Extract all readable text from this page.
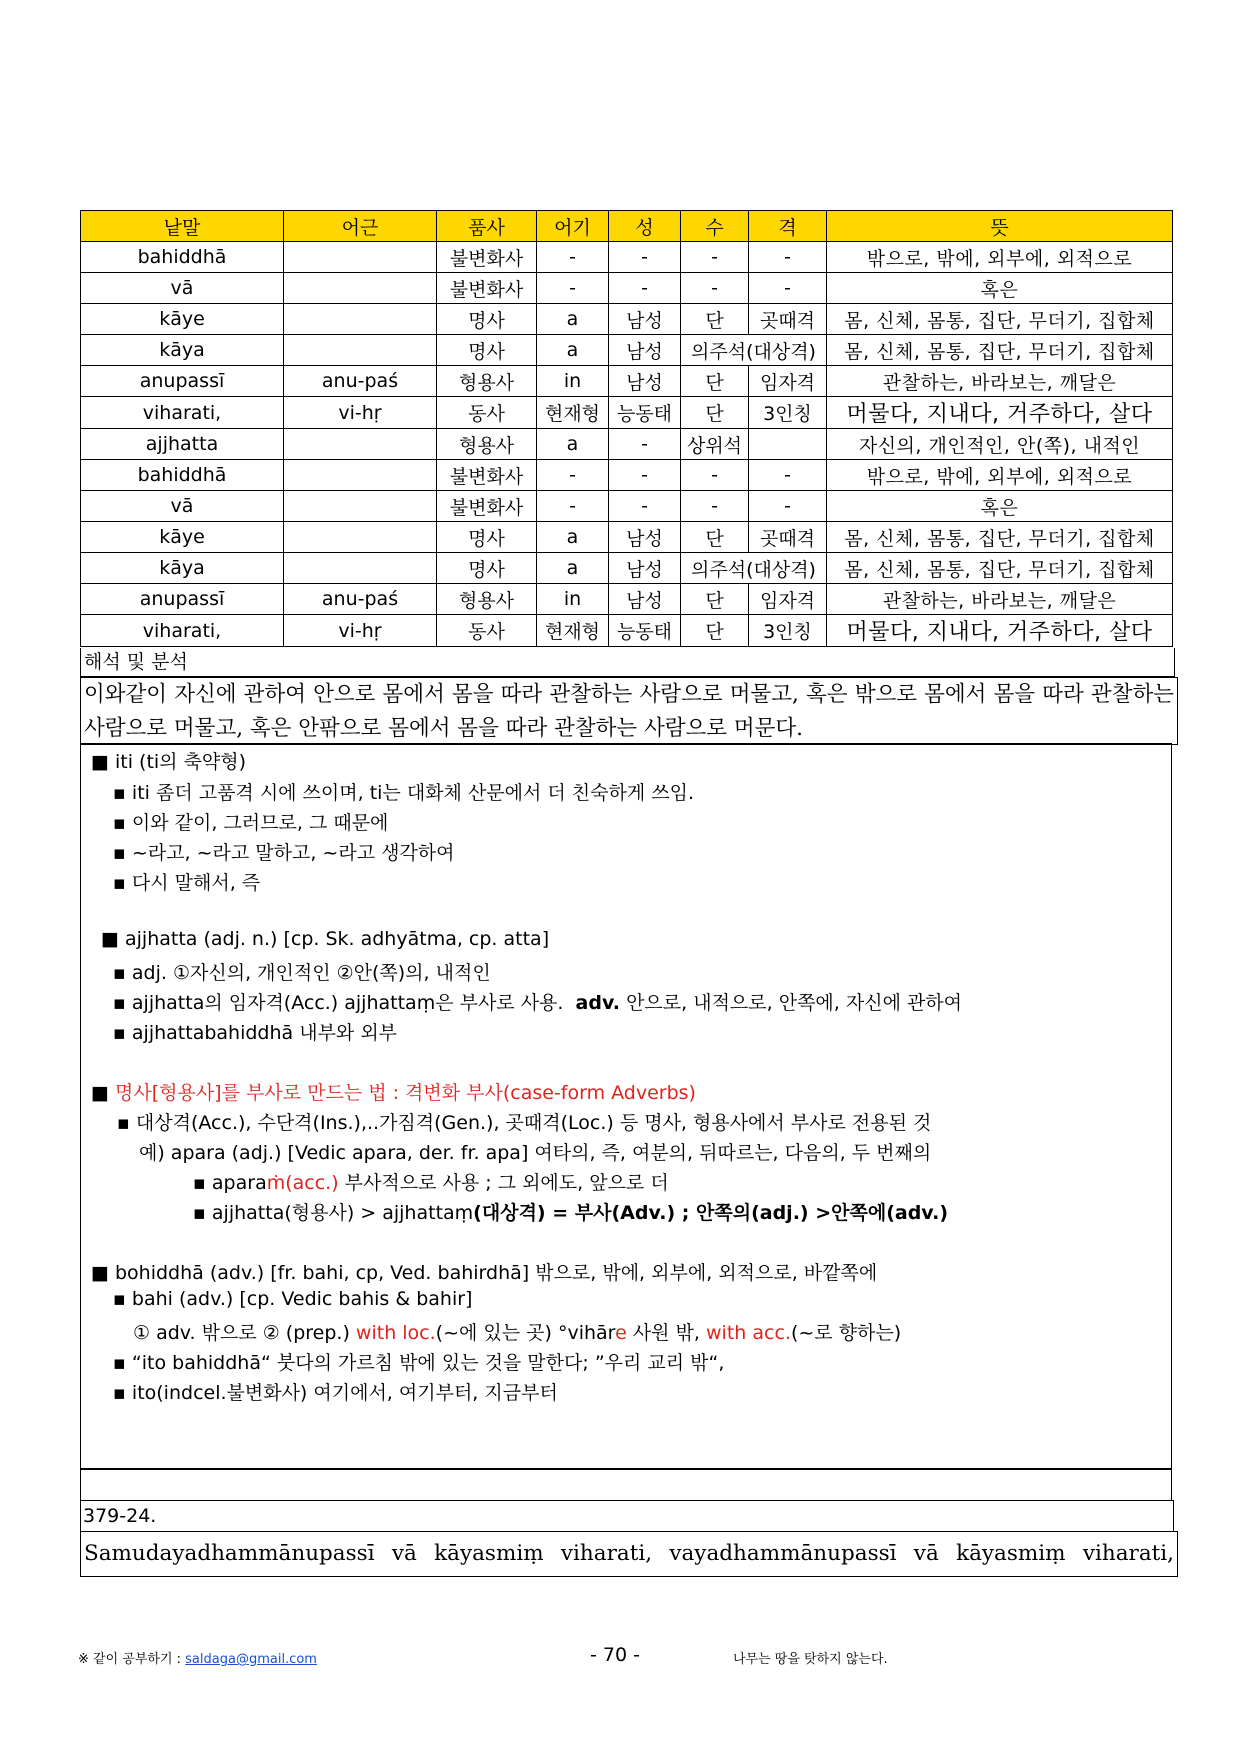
낱말	어근	품사	어기	성	수	격	뜻
bahiddhā		불변화사	-	-	-	-	밖으로, 밖에, 외부에, 외적으로
vā		불변화사	-	-	-	-	혹은
kāye		명사	a	남성	단	곳때격	몸, 신체, 몸통, 집단, 무더기, 집합체
kāya		명사	a	남성	의주석(대상격)		몸, 신체, 몸통, 집단, 무더기, 집합체
anupassī	anu-paś	형용사	in	남성	단	임자격	관찰하는, 바라보는, 깨달은
viharati,	vi-hṛ	동사	현재형	능동태	단	3인칭	머물다, 지내다, 거주하다, 살다
ajjhatta		형용사	a	-	상위석		자신의, 개인적인, 안(쪽), 내적인
bahiddhā		불변화사	-	-	-	-	밖으로, 밖에, 외부에, 외적으로
vā		불변화사	-	-	-	-	혹은
kāye		명사	a	남성	단	곳때격	몸, 신체, 몸통, 집단, 무더기, 집합체
kāya		명사	a	남성	의주석(대상격)		몸, 신체, 몸통, 집단, 무더기, 집합체
anupassī	anu-paś	형용사	in	남성	단	임자격	관찰하는, 바라보는, 깨달은
viharati,	vi-hṛ	동사	현재형	능동태	단	3인칭	머물다, 지내다, 거주하다, 살다
해석 및 분석
이와같이 자신에 관하여 안으로 몸에서 몸을 따라 관찰하는 사람으로 머물고, 혹은 밖으로 몸에서 몸을 따라 관찰하는 사람으로 머물고, 혹은 안팎으로 몸에서 몸을 따라 관찰하는 사람으로 머문다.
■ iti (ti의 축약형)
▪ iti 좀더 고품격 시에 쓰이며, ti는 대화체 산문에서 더 친숙하게 쓰임.
▪ 이와 같이, 그러므로, 그 때문에
▪ ~라고, ~라고 말하고, ~라고 생각하여
▪ 다시 말해서, 즉
■ ajjhatta (adj. n.) [cp. Sk. adhyātma, cp. atta]
▪ adj. ①자신의, 개인적인 ②안(쪽)의, 내적인
▪ ajjhatta의 임자격(Acc.) ajjhattaṃ은 부사로 사용. adv. 안으로, 내적으로, 안쪽에, 자신에 관하여
▪ ajjhattabahiddhā 내부와 외부
■ 명사[형용사]를 부사로 만드는 법 : 격변화 부사(case-form Adverbs)
▪ 대상격(Acc.), 수단격(Ins.),..가짐격(Gen.), 곳때격(Loc.) 등 명사, 형용사에서 부사로 전용된 것
예) apara (adj.) [Vedic apara, der. fr. apa] 여타의, 즉, 여분의, 뒤따르는, 다음의, 두 번째의
▪ aparaṁ(acc.) 부사적으로 사용 ; 그 외에도, 앞으로 더
▪ ajjhatta(형용사) > ajjhattaṃ(대상격) = 부사(Adv.) ; 안쪽의(adj.) >안쪽에(adv.)
■ bohiddhā (adv.) [fr. bahi, cp, Ved. bahirdhā] 밖으로, 밖에, 외부에, 외적으로, 바깥쪽에
▪ bahi (adv.) [cp. Vedic bahis & bahir]
① adv. 밖으로 ② (prep.) with loc.(~에 있는 곳) °vihāre 사원 밖, with acc.(~로 향하는)
▪ “ito bahiddhā“ 붓다의 가르침 밖에 있는 것을 말한다; ”우리 교리 밖“,
▪ ito(indcel.불변화사) 여기에서, 여기부터, 지금부터
379-24.
Samudayadhammānupassī vā kāyasmiṃ viharati, vayadhammānupassī vā kāyasmiṃ viharati,
※ 같이 공부하기 : saldaga@gmail.com	- 70 -	나무는 땅을 탓하지 않는다.
